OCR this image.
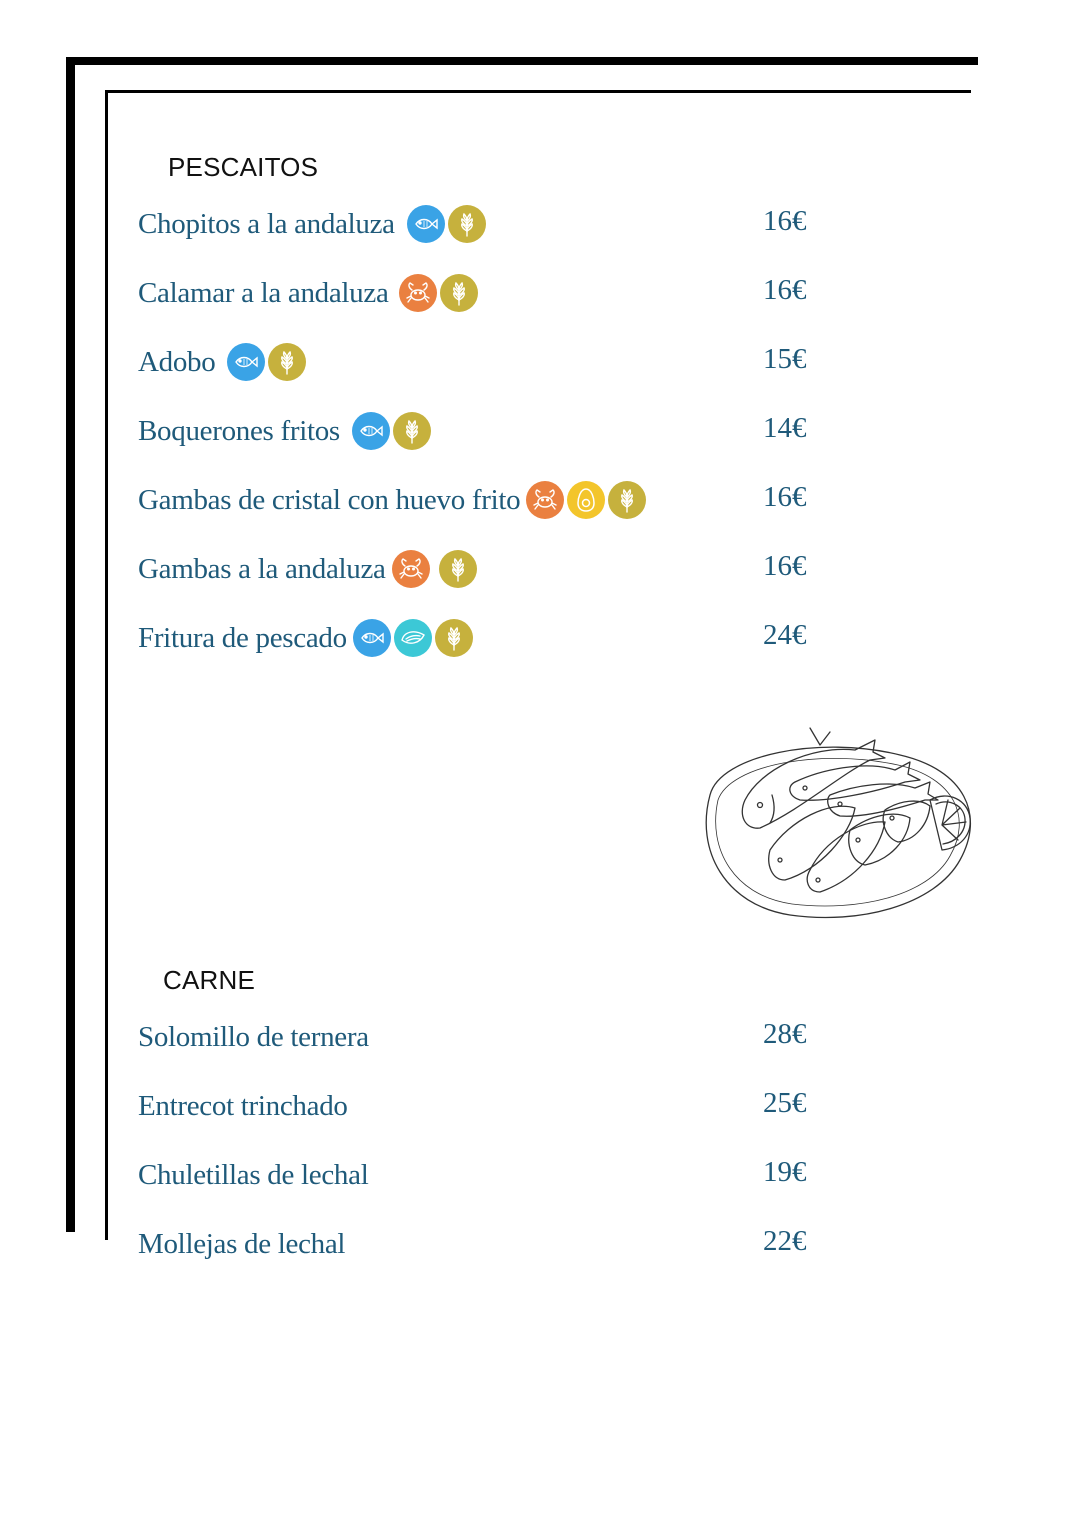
PESCAITOS
Chopitos a la andaluza	16€
Calamar a la andaluza	16€
Adobo	15€
Boquerones fritos	14€
Gambas de cristal con huevo frito	16€
Gambas a la andaluza	16€
Fritura de pescado	24€
CARNE
Solomillo de ternera	28€
Entrecot trinchado	25€
Chuletillas de lechal	19€
Mollejas de lechal	22€
